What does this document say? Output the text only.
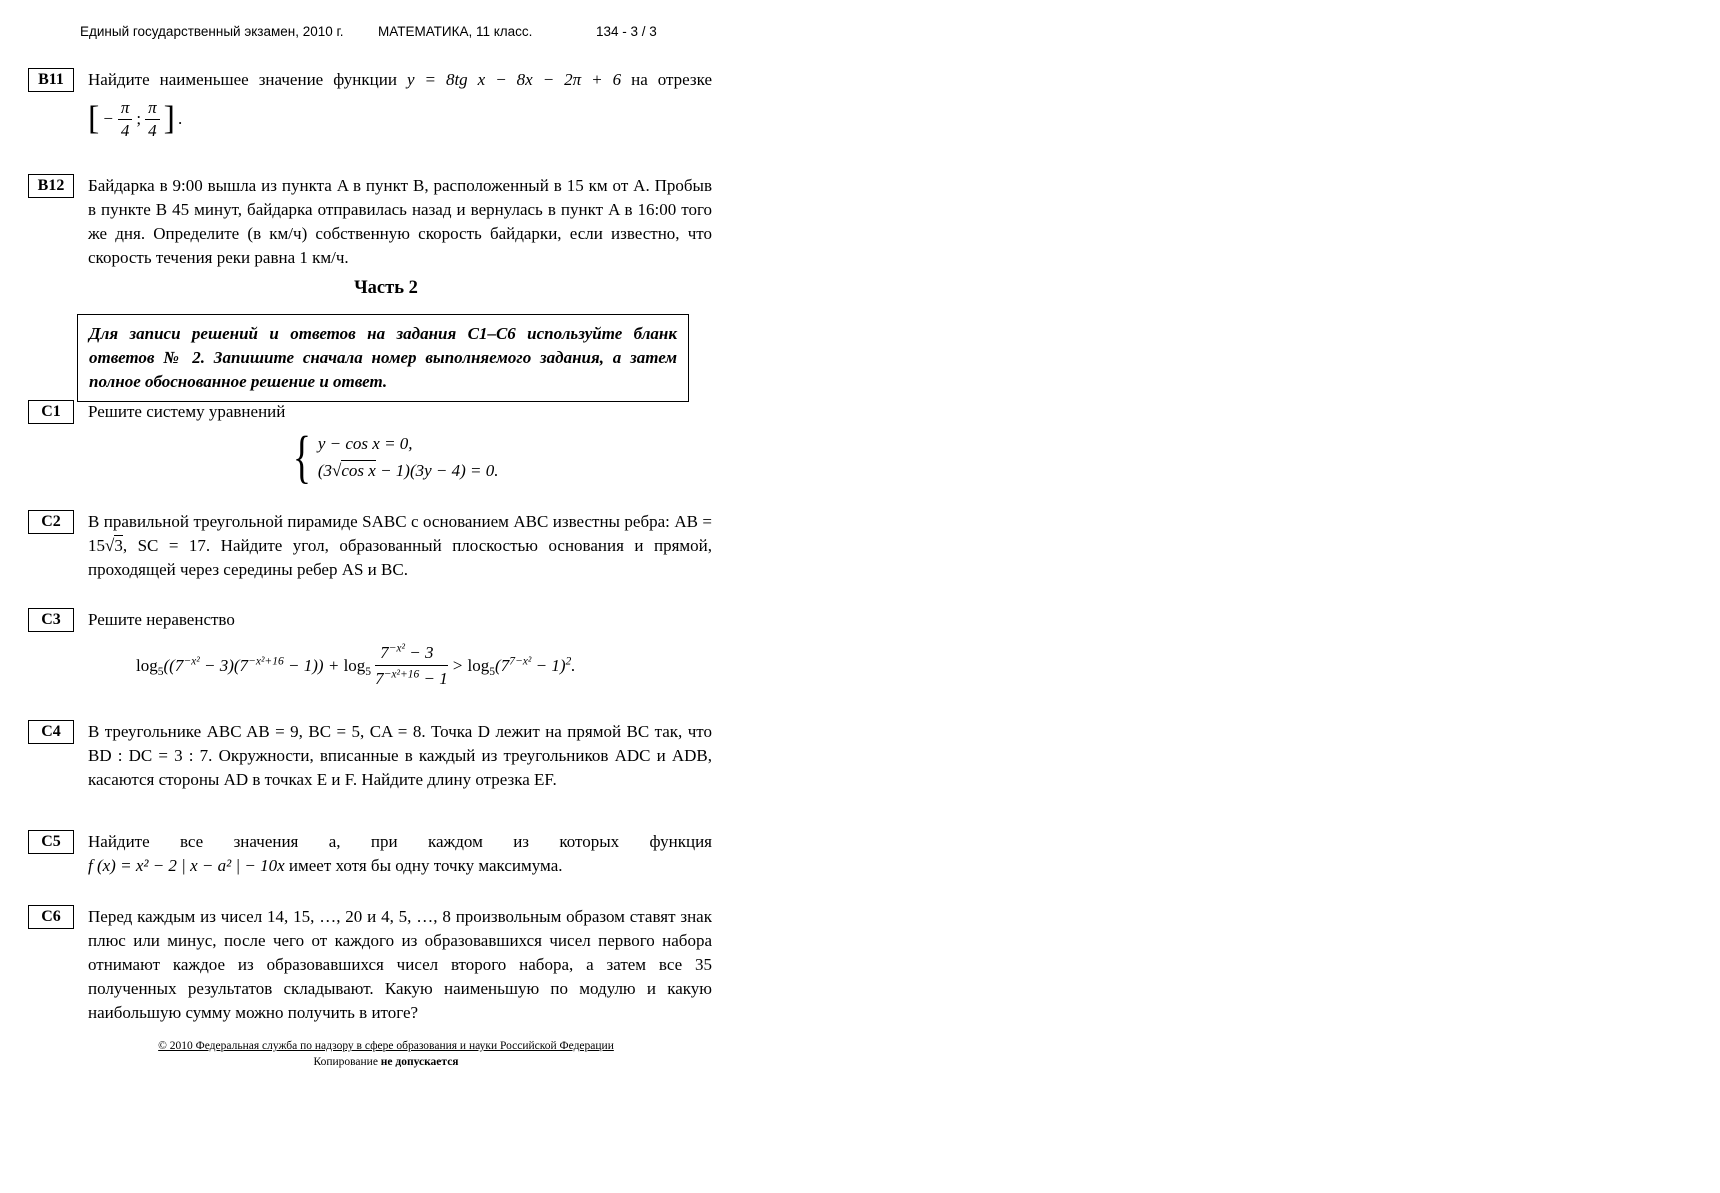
Единый государственный экзамен, 2010 г.	МАТЕМАТИКА, 11 класс.	134 - 3 / 3
B11	Найдите наименьшее значение функции y = 8tg x − 8x − 2π + 6 на отрезке
[ − $\frac{\pi}{4}$ ; $\frac{\pi}{4}$ ] .
B12	Байдарка в 9:00 вышла из пункта A в пункт B, расположенный в 15 км от A. Пробыв в пункте B 45 минут, байдарка отправилась назад и вернулась в пункт A в 16:00 того же дня. Определите (в км/ч) собственную скорость байдарки, если известно, что скорость течения реки равна 1 км/ч.
Часть 2
Для записи решений и ответов на задания С1–С6 используйте бланк ответов № 2. Запишите сначала номер выполняемого задания, а затем полное обоснованное решение и ответ.
C1	Решите систему уравнений
{ y − cos x = 0,
(3√cos x − 1)(3y − 4) = 0.
C2	В правильной треугольной пирамиде SABC с основанием ABC известны ребра: AB = 15√3, SC = 17. Найдите угол, образованный плоскостью основания и прямой, проходящей через середины ребер AS и BC.
C3	Решите неравенство
$\log_5((7^{-x^2} - 3)(7^{-x^2+16} - 1)) + \log_5 \frac{7^{-x^2} - 3}{7^{-x^2+16} - 1} > \log_5(7^{7-x^2} - 1)^2$.
C4	В треугольнике ABC AB = 9, BC = 5, CA = 8. Точка D лежит на прямой BC так, что BD : DC = 3 : 7. Окружности, вписанные в каждый из треугольников ADC и ADB, касаются стороны AD в точках E и F. Найдите длину отрезка EF.
C5	Найдите все значения a, при каждом из которых функция
f (x) = x² − 2 | x − a² | − 10x имеет хотя бы одну точку максимума.
C6	Перед каждым из чисел 14, 15, …, 20 и 4, 5, …, 8 произвольным образом ставят знак плюс или минус, после чего от каждого из образовавшихся чисел первого набора отнимают каждое из образовавшихся чисел второго набора, а затем все 35 полученных результатов складывают. Какую наименьшую по модулю и какую наибольшую сумму можно получить в итоге?
© 2010 Федеральная служба по надзору в сфере образования и науки Российской Федерации
Копирование не допускается
